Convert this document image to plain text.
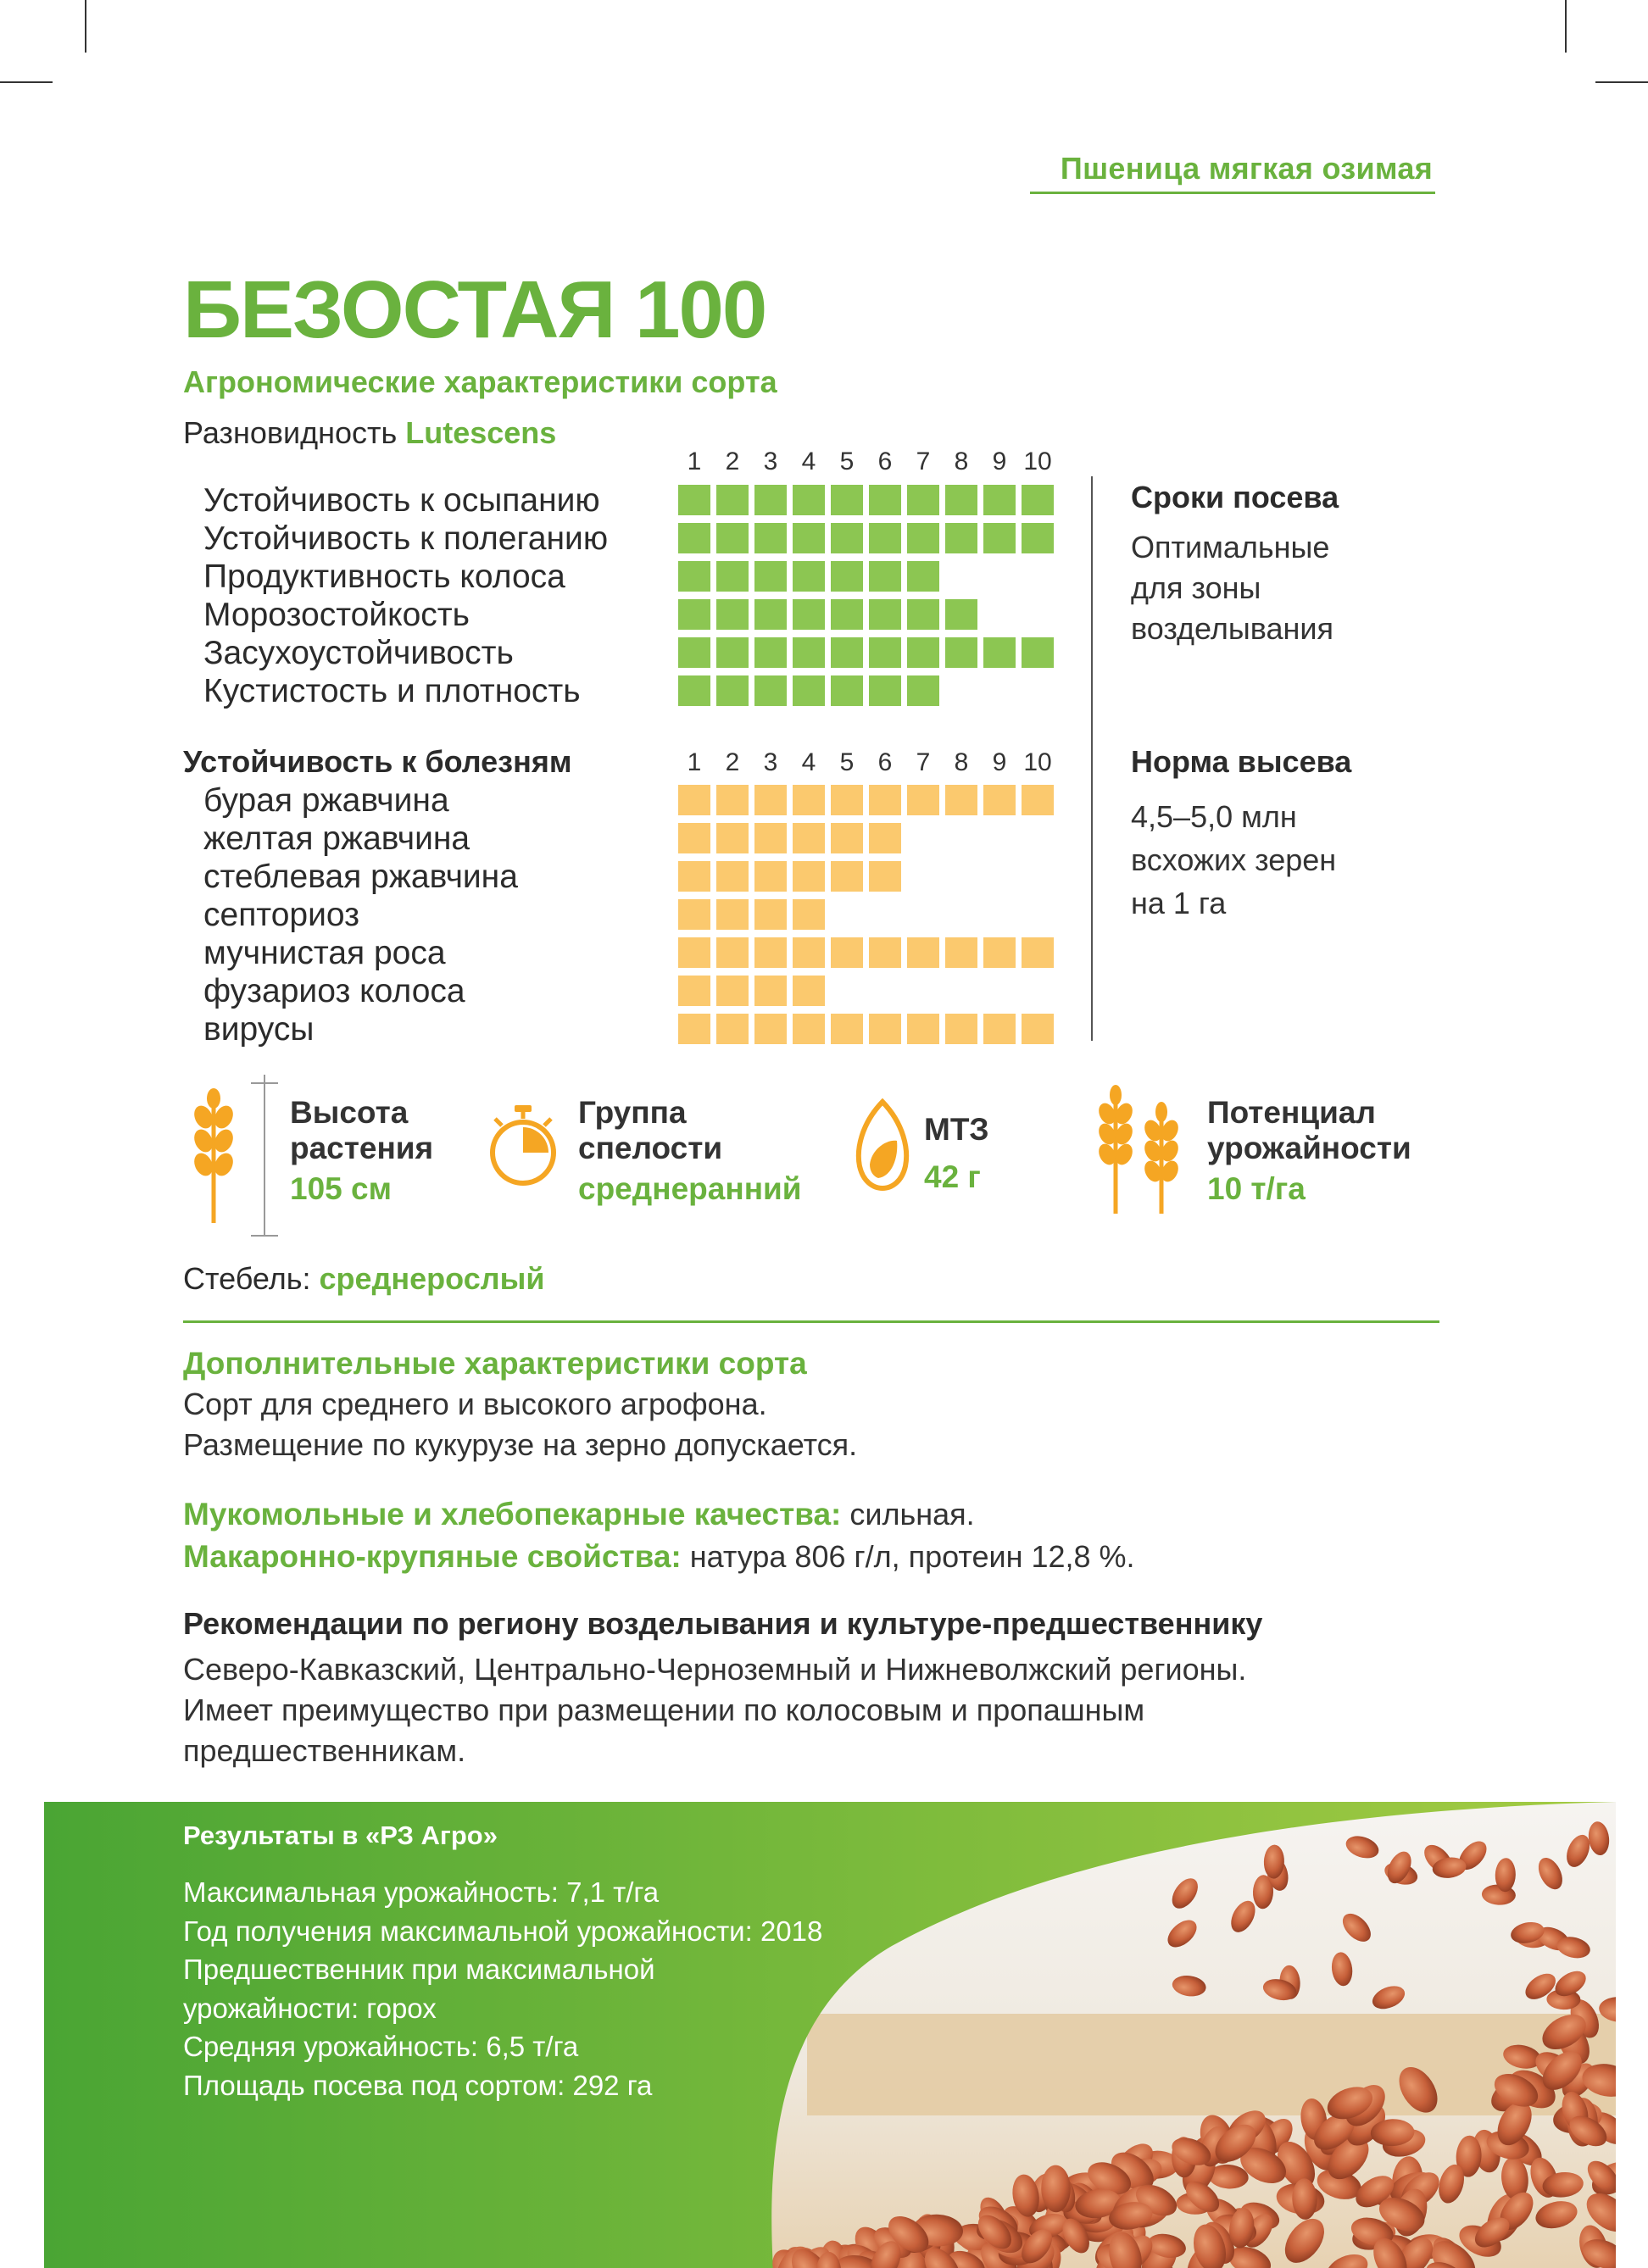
Пшеница мягкая озимая
БЕЗОСТАЯ 100
Агрономические характеристики сорта
Разновидность Lutescens
1 2 3 4 5 6 7 8 9 10
Устойчивость к осыпанию
Устойчивость к полеганию
Продуктивность колоса
Морозостойкость
Засухоустойчивость
Кустистость и плотность
Сроки посева
Оптимальные
для зоны
возделывания
Устойчивость к болезням	1 2 3 4 5 6 7 8 9 10
бурая ржавчина
желтая ржавчина
стеблевая ржавчина
септориоз
мучнистая роса
фузариоз колоса
вирусы
Норма высева
4,5–5,0 млн
всхожих зерен
на 1 га
Высота
растения
105 см
Группа
спелости
среднеранний
МТЗ
42 г
Потенциал
урожайности
10 т/га
Стебель: среднерослый
Дополнительные характеристики сорта
Сорт для среднего и высокого агрофона.
Размещение по кукурузе на зерно допускается.
Мукомольные и хлебопекарные качества: сильная.
Макаронно-крупяные свойства: натура 806 г/л, протеин 12,8 %.
Рекомендации по региону возделывания и культуре-предшественнику
Северо-Кавказский, Центрально-Черноземный и Нижневолжский регионы.
Имеет преимущество при размещении по колосовым и пропашным
предшественникам.
Результаты в «РЗ Агро»
Максимальная урожайность: 7,1 т/га
Год получения максимальной урожайности: 2018
Предшественник при максимальной
урожайности: горох
Средняя урожайность: 6,5 т/га
Площадь посева под сортом: 292 га
